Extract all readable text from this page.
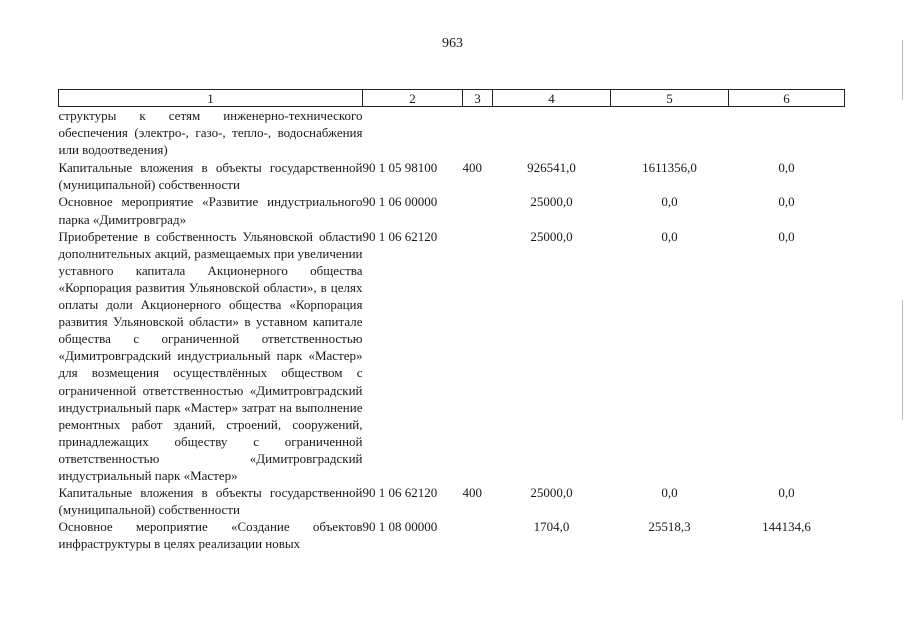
963
1	2	3	4	5	6
структуры к сетям инженерно-технического обеспечения (электро-, газо-, тепло-, водоснабжения или водоотведения)					
Капитальные вложения в объекты государственной (муниципальной) собственности	90 1 05 98100	400	926541,0	1611356,0	0,0
Основное мероприятие «Развитие индустриального парка «Димитровград»	90 1 06 00000		25000,0	0,0	0,0
Приобретение в собственность Ульяновской области дополнительных акций, размещаемых при увеличении уставного капитала Акционерного общества «Корпорация развития Ульяновской области», в целях оплаты доли Акционерного общества «Корпорация развития Ульяновской области» в уставном капитале общества с ограниченной ответственностью «Димитровградский индустриальный парк «Мастер» для возмещения осуществлённых обществом с ограниченной ответственностью «Димитровградский индустриальный парк «Мастер» затрат на выполнение ремонтных работ зданий, строений, сооружений, принадлежащих обществу с ограниченной ответственностью «Димитровградский индустриальный парк «Мастер»	90 1 06 62120		25000,0	0,0	0,0
Капитальные вложения в объекты государственной (муниципальной) собственности	90 1 06 62120	400	25000,0	0,0	0,0
Основное мероприятие «Создание объектов инфраструктуры в целях реализации новых	90 1 08 00000		1704,0	25518,3	144134,6
